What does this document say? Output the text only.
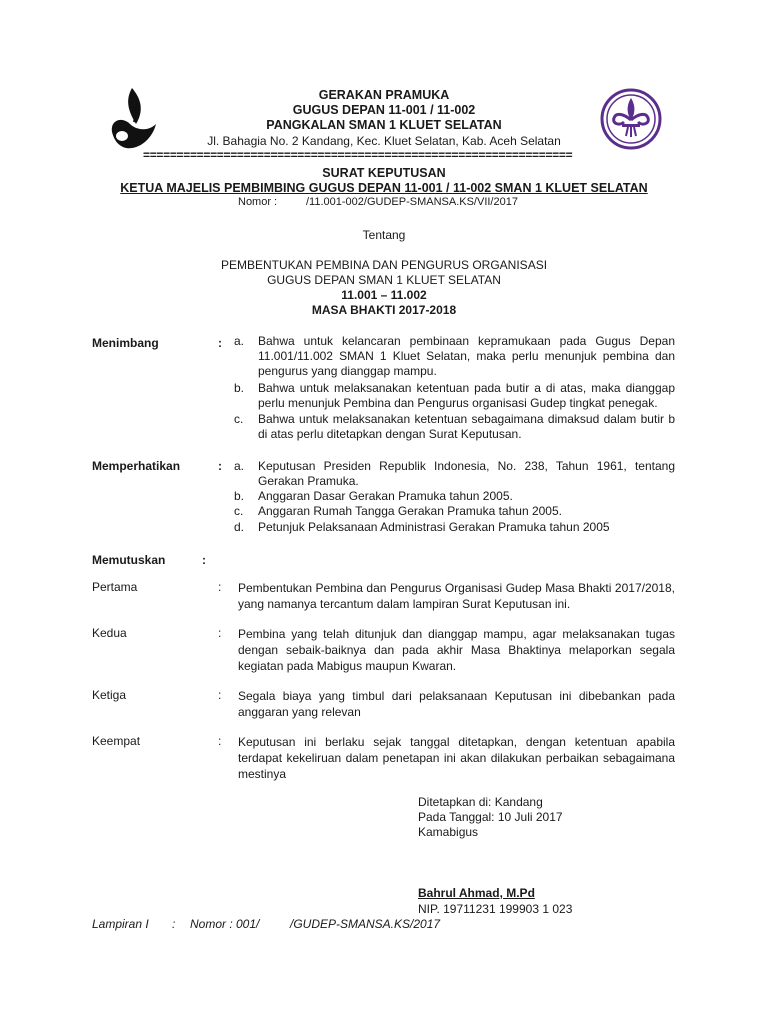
GERAKAN PRAMUKA
GUGUS DEPAN 11-001 / 11-002
PANGKALAN SMAN 1 KLUET SELATAN
Jl. Bahagia No. 2 Kandang, Kec. Kluet Selatan, Kab. Aceh Selatan
================================================================
SURAT KEPUTUSAN
KETUA MAJELIS PEMBIMBING GUGUS DEPAN 11-001 / 11-002 SMAN 1 KLUET SELATAN
Nomor :	/11.001-002/GUDEP-SMANSA.KS/VII/2017
Tentang
PEMBENTUKAN PEMBINA DAN PENGURUS ORGANISASI
GUGUS DEPAN SMAN 1 KLUET SELATAN
11.001 – 11.002
MASA BHAKTI 2017-2018
Menimbang	: a. Bahwa untuk kelancaran pembinaan kepramukaan pada Gugus Depan 11.001/11.002 SMAN 1 Kluet Selatan, maka perlu menunjuk pembina dan pengurus yang dianggap mampu.
b. Bahwa untuk melaksanakan ketentuan pada butir a di atas, maka dianggap perlu menunjuk Pembina dan Pengurus organisasi Gudep tingkat penegak.
c. Bahwa untuk melaksanakan ketentuan sebagaimana dimaksud dalam butir b di atas perlu ditetapkan dengan Surat Keputusan.
Memperhatikan	: a. Keputusan Presiden Republik Indonesia, No. 238, Tahun 1961, tentang Gerakan Pramuka.
b. Anggaran Dasar Gerakan Pramuka tahun 2005.
c. Anggaran Rumah Tangga Gerakan Pramuka tahun 2005.
d. Petunjuk Pelaksanaan Administrasi Gerakan Pramuka tahun 2005
Memutuskan	:
Pertama	: Pembentukan Pembina dan Pengurus Organisasi Gudep Masa Bhakti 2017/2018, yang namanya tercantum dalam lampiran Surat Keputusan ini.
Kedua	: Pembina yang telah ditunjuk dan dianggap mampu, agar melaksanakan tugas dengan sebaik-baiknya dan pada akhir Masa Bhaktinya melaporkan segala kegiatan pada Mabigus maupun Kwaran.
Ketiga	: Segala biaya yang timbul dari pelaksanaan Keputusan ini dibebankan pada anggaran yang relevan
Keempat	: Keputusan ini berlaku sejak tanggal ditetapkan, dengan ketentuan apabila terdapat kekeliruan dalam penetapan ini akan dilakukan perbaikan sebagaimana mestinya
Ditetapkan di: Kandang
Pada Tanggal: 10 Juli 2017
Kamabigus
Bahrul Ahmad, M.Pd
NIP. 19711231 199903 1 023
Lampiran I : Nomor : 001/	/GUDEP-SMANSA.KS/2017
